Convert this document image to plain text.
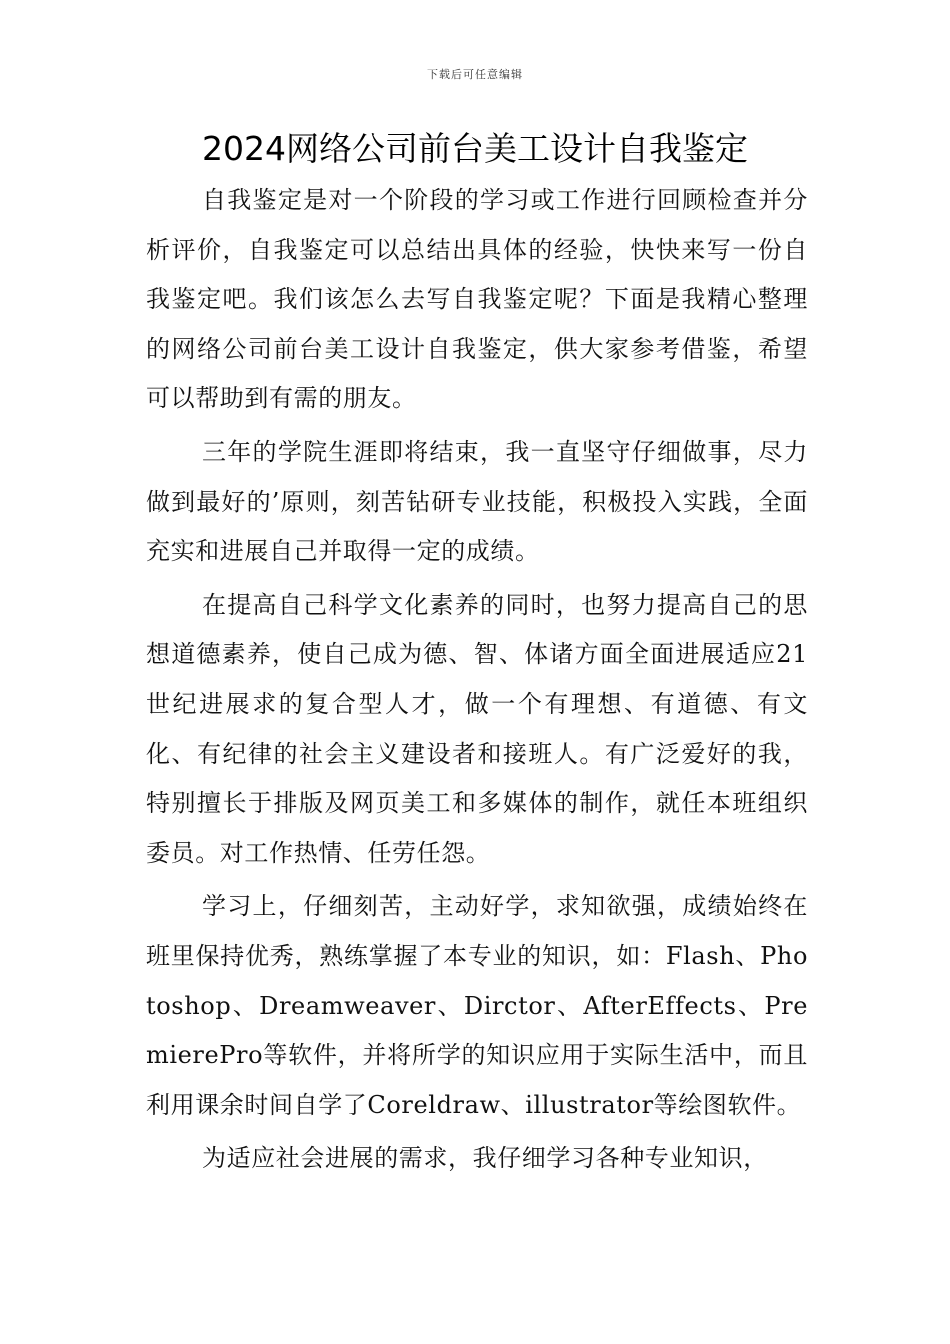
下载后可任意编辑
2024网络公司前台美工设计自我鉴定

自我鉴定是对一个阶段的学习或工作进行回顾检查并分析评价，自我鉴定可以总结出具体的经验，快快来写一份自我鉴定吧。我们该怎么去写自我鉴定呢？下面是我精心整理的网络公司前台美工设计自我鉴定，供大家参考借鉴，希望可以帮助到有需的朋友。

三年的学院生涯即将结束，我一直坚守仔细做事，尽力做到最好的’原则，刻苦钻研专业技能，积极投入实践，全面充实和进展自己并取得一定的成绩。

在提高自己科学文化素养的同时，也努力提高自己的思想道德素养，使自己成为德、智、体诸方面全面进展适应21世纪进展求的复合型人才，做一个有理想、有道德、有文化、有纪律的社会主义建设者和接班人。有广泛爱好的我，特别擅长于排版及网页美工和多媒体的制作，就任本班组织委员。对工作热情、任劳任怨。

学习上，仔细刻苦，主动好学，求知欲强，成绩始终在班里保持优秀，熟练掌握了本专业的知识，如：Flash、Photoshop、Dreamweaver、Dirctor、AfterEffects、PremierePro等软件，并将所学的知识应用于实际生活中，而且利用课余时间自学了Coreldraw、illustrator等绘图软件。

为适应社会进展的需求，我仔细学习各种专业知识，
